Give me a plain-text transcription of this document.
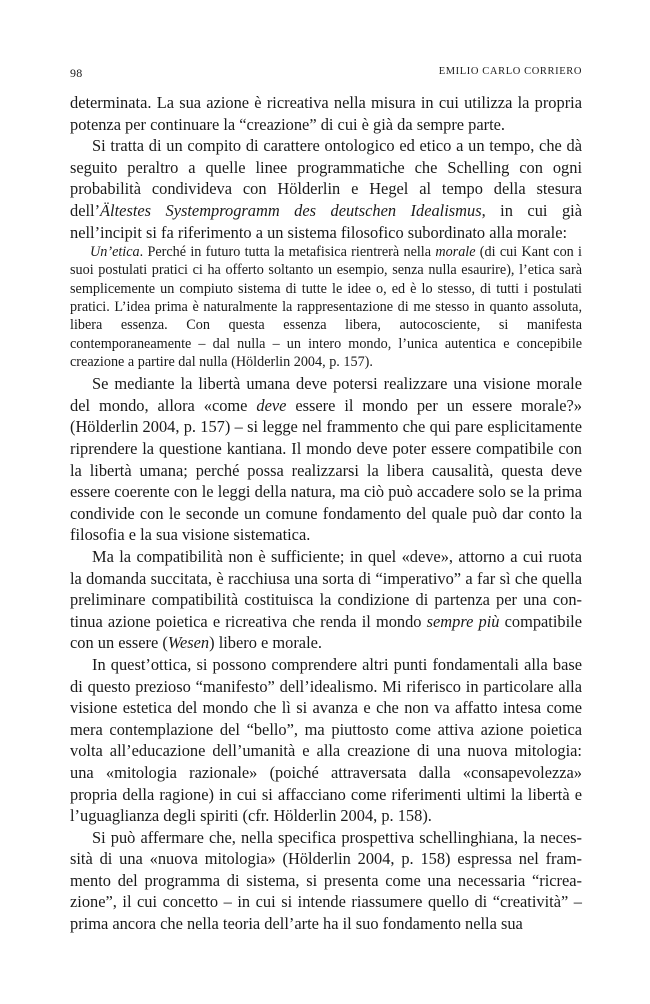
98	EMILIO CARLO CORRIERO

determinata. La sua azione è ricreativa nella misura in cui utilizza la propria potenza per continuare la “creazione” di cui è già da sempre parte.

Si tratta di un compito di carattere ontologico ed etico a un tempo, che dà seguito peraltro a quelle linee programmatiche che Schelling con ogni probabilità condivideva con Hölderlin e Hegel al tempo della stesura dell’Ältestes Systemprogramm des deutschen Idealismus, in cui già nell’incipit si fa riferimento a un sistema filosofico subordinato alla morale:

Un’etica. Perché in futuro tutta la metafisica rientrerà nella morale (di cui Kant con i suoi postulati pratici ci ha offerto soltanto un esempio, senza nulla esaurire), l’etica sarà semplicemente un compiuto sistema di tutte le idee o, ed è lo stesso, di tutti i postulati pratici. L’idea prima è naturalmente la rappresentazione di me stesso in quanto assoluta, libera essenza. Con questa essenza libera, autocosciente, si manifesta contemporaneamente – dal nulla – un intero mondo, l’unica autentica e concepibile creazione a partire dal nulla (Hölderlin 2004, p. 157).

Se mediante la libertà umana deve potersi realizzare una visione morale del mondo, allora «come deve essere il mondo per un essere morale?» (Hölderlin 2004, p. 157) – si legge nel frammento che qui pare esplicitamente riprendere la questione kantiana. Il mondo deve poter essere compatibile con la libertà umana; perché possa realizzarsi la libera causalità, questa deve essere coerente con le leggi della natura, ma ciò può accadere solo se la prima condivide con le seconde un comune fondamento del quale può dar conto la filosofia e la sua visione sistematica.

Ma la compatibilità non è sufficiente; in quel «deve», attorno a cui ruota la domanda succitata, è racchiusa una sorta di “imperativo” a far sì che quella preliminare compatibilità costituisca la condizione di partenza per una continua azione poietica e ricreativa che renda il mondo sempre più compatibile con un essere (Wesen) libero e morale.

In quest’ottica, si possono comprendere altri punti fondamentali alla base di questo prezioso “manifesto” dell’idealismo. Mi riferisco in particolare alla visione estetica del mondo che lì si avanza e che non va affatto intesa come mera contemplazione del “bello”, ma piuttosto come attiva azione poietica volta all’educazione dell’umanità e alla creazione di una nuova mitologia: una «mitologia razionale» (poiché attraversata dalla «consapevolezza» propria della ragione) in cui si affacciano come riferimenti ultimi la libertà e l’uguaglianza degli spiriti (cfr. Hölderlin 2004, p. 158).

Si può affermare che, nella specifica prospettiva schellinghiana, la necessità di una «nuova mitologia» (Hölderlin 2004, p. 158) espressa nel frammento del programma di sistema, si presenta come una necessaria “ricreazione”, il cui concetto – in cui si intende riassumere quello di “creatività” – prima ancora che nella teoria dell’arte ha il suo fondamento nella sua
